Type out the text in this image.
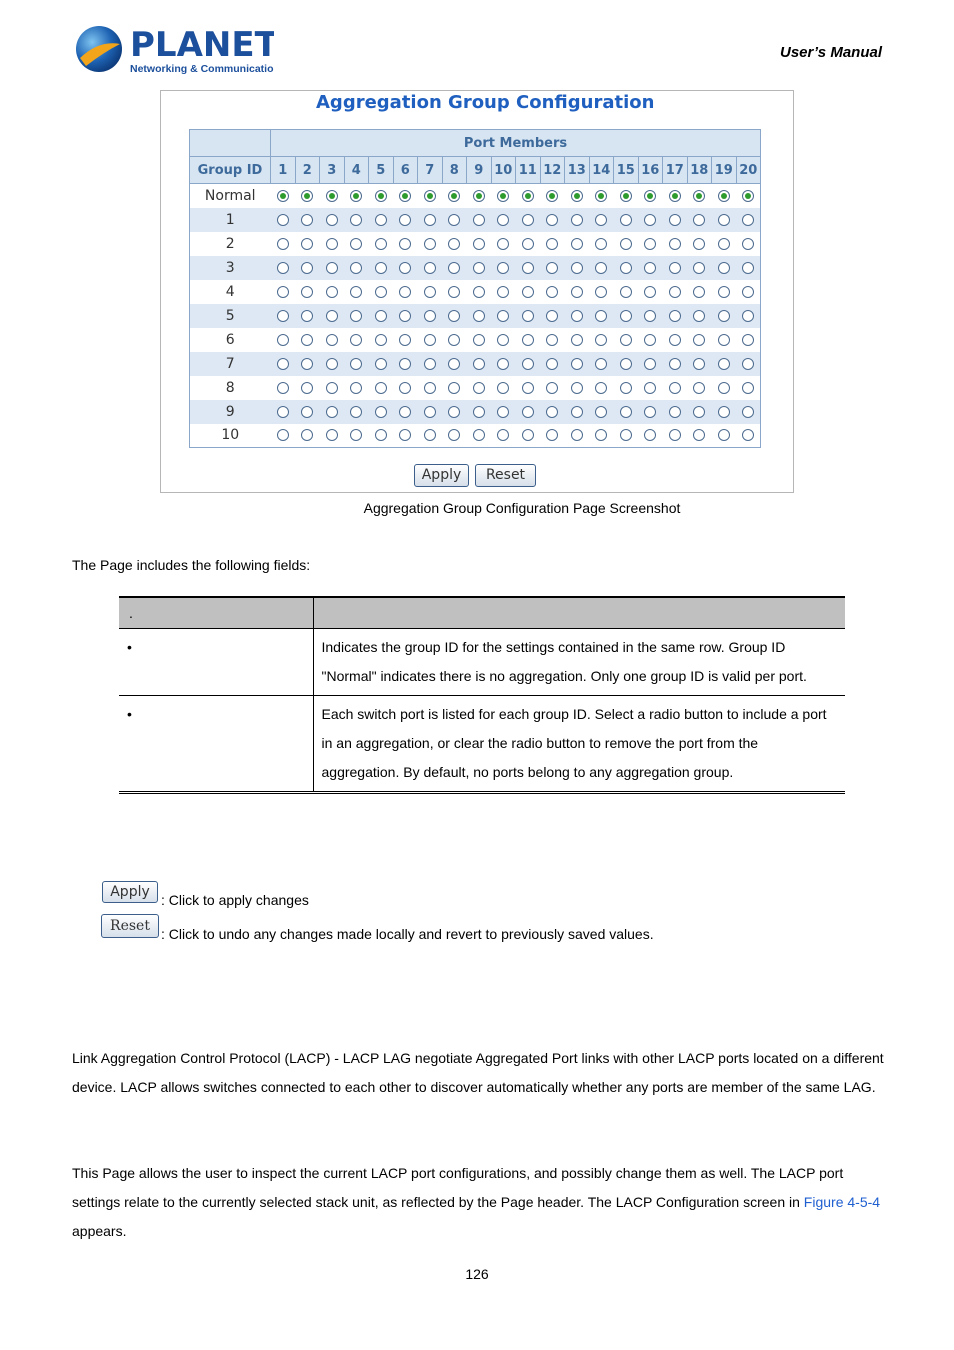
PLANET
Networking & Communication
User’s Manual
Aggregation Group Configuration
	Port Members																			
Group ID	1	2	3	4	5	6	7	8	9	10	11	12	13	14	15	16	17	18	19	20
Normal																				
1																				
2																				
3																				
4																				
5																				
6																				
7																				
8																				
9																				
10																				
Apply	Reset
Aggregation Group Configuration Page Screenshot
The Page includes the following fields:
.	
•	Indicates the group ID for the settings contained in the same row. Group ID
"Normal" indicates there is no aggregation. Only one group ID is valid per port.

•	Each switch port is listed for each group ID. Select a radio button to include a port
in an aggregation, or clear the radio button to remove the port from the
aggregation. By default, no ports belong to any aggregation group.
Apply : Click to apply changes
Reset : Click to undo any changes made locally and revert to previously saved values.
Link Aggregation Control Protocol (LACP) - LACP LAG negotiate Aggregated Port links with other LACP ports located on a different device. LACP allows switches connected to each other to discover automatically whether any ports are member of the same LAG.
This Page allows the user to inspect the current LACP port configurations, and possibly change them as well. The LACP port settings relate to the currently selected stack unit, as reflected by the Page header. The LACP Configuration screen in Figure 4-5-4 appears.
126
